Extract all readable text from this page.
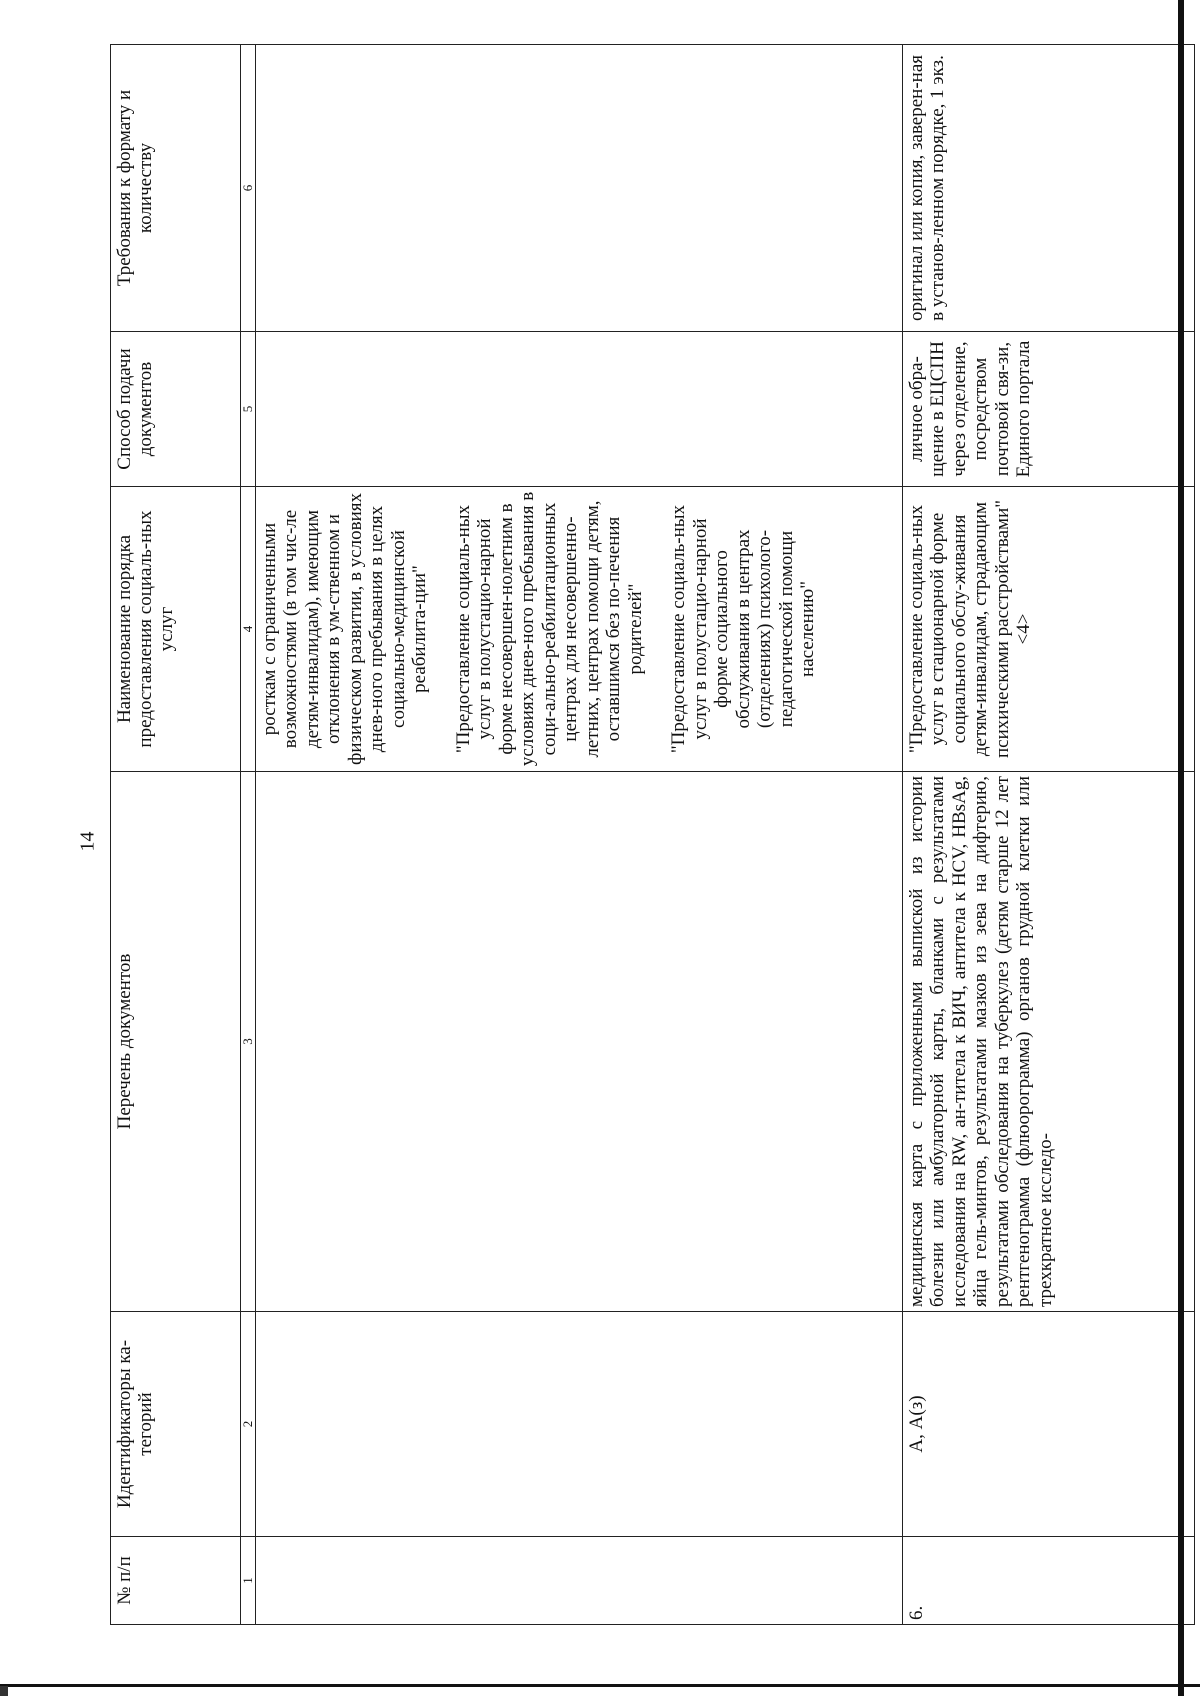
14
№ п/п	Идентификаторы ка-тегорий	Перечень документов	Наименование порядка предоставления социаль-ных услуг	Способ подачи документов	Требования к формату и количеству
1	2	3	4	5	6

			росткам с ограниченными возможностями (в том чис-ле детям-инвалидам), имеющим отклонения в ум-ственном и физическом развитии, в условиях днев-ного пребывания в целях социально-медицинской реабилита-ции" "Предоставление социаль-ных услуг в полустацио-нарной форме несовершен-нолетним в условиях днев-ного пребывания в соци-ально-реабилитационных центрах для несовершенно-летних, центрах помощи детям, оставшимся без по-печения родителей" "Предоставление социаль-ных услуг в полустацио-нарной форме социального обслуживания в центрах (отделениях) психолого-педагогической помощи населению"		

6.	А, А(з)	медицинская карта с приложенными выпиской из истории болезни или амбулаторной карты, бланками с результатами исследования на RW, ан-титела к ВИЧ, антитела к HCV, HBsAg, яйца гель-минтов, результатами мазков из зева на дифтерию, результатами обследования на туберкулез (детям старше 12 лет рентгенограмма (флюорограмма) органов грудной клетки или трехкратное исследо-	"Предоставление социаль-ных услуг в стационарной форме социального обслу-живания детям-инвалидам, страдающим психическими расстройствами" <4>	личное обра-щение в ЕЦСПН через отделение, посредством почтовой свя-зи, Единого портала	оригинал или копия, заверен-ная в установ-ленном порядке, 1 экз.
